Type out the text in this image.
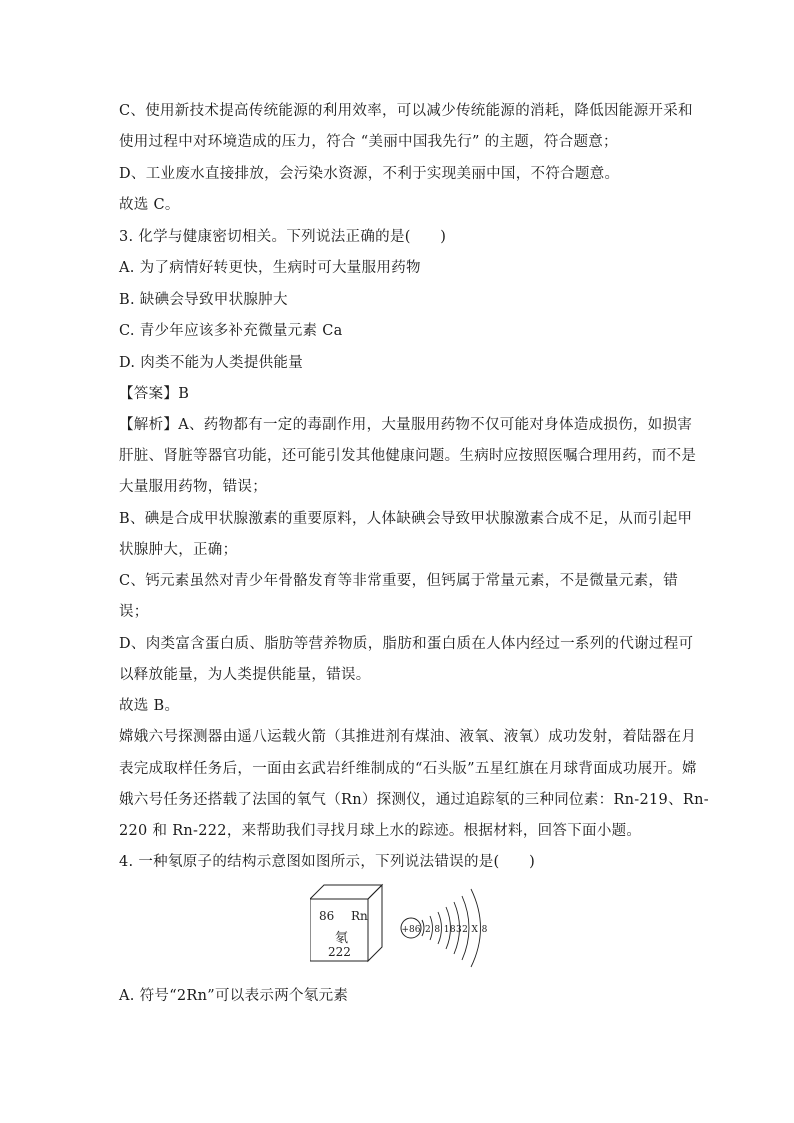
C、使用新技术提高传统能源的利用效率，可以减少传统能源的消耗，降低因能源开采和
使用过程中对环境造成的压力，符合 “美丽中国我先行” 的主题，符合题意；
D、工业废水直接排放，会污染水资源，不利于实现美丽中国，不符合题意。
故选 C。
3. 化学与健康密切相关。下列说法正确的是(　　)
A. 为了病情好转更快，生病时可大量服用药物
B. 缺碘会导致甲状腺肿大
C. 青少年应该多补充微量元素 Ca
D. 肉类不能为人类提供能量
【答案】B
【解析】A、药物都有一定的毒副作用，大量服用药物不仅可能对身体造成损伤，如损害
肝脏、肾脏等器官功能，还可能引发其他健康问题。生病时应按照医嘱合理用药，而不是
大量服用药物，错误；
B、碘是合成甲状腺激素的重要原料，人体缺碘会导致甲状腺激素合成不足，从而引起甲
状腺肿大，正确；
C、钙元素虽然对青少年骨骼发育等非常重要，但钙属于常量元素，不是微量元素，错
误；
D、肉类富含蛋白质、脂肪等营养物质，脂肪和蛋白质在人体内经过一系列的代谢过程可
以释放能量，为人类提供能量，错误。
故选 B。
嫦娥六号探测器由遥八运载火箭（其推进剂有煤油、液氧、液氧）成功发射，着陆器在月
表完成取样任务后，一面由玄武岩纤维制成的“石头版”五星红旗在月球背面成功展开。嫦
娥六号任务还搭载了法国的氧气（Rn）探测仪，通过追踪氡的三种同位素：Rn-219、Rn-
220 和 Rn-222，来帮助我们寻找月球上水的踪迹。根据材料，回答下面小题。
4. 一种氡原子的结构示意图如图所示，下列说法错误的是(　　)
86 Rn
氡
222
+86 2 8 1832 X 8
A. 符号“2Rn”可以表示两个氡元素
